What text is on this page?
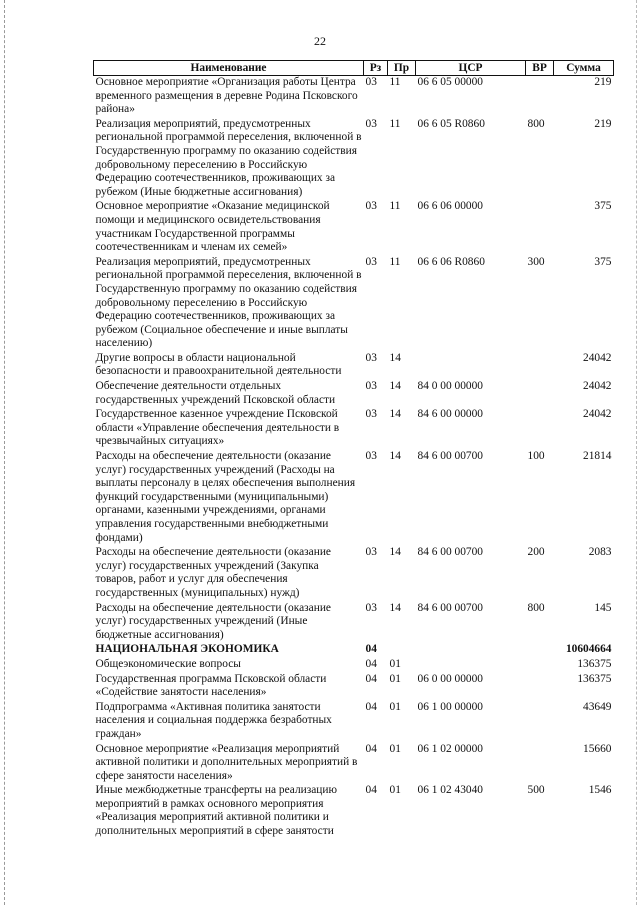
22
Наименование	Рз	Пр	ЦСР	ВР	Сумма
Основное мероприятие «Организация работы Центра временного размещения в деревне Родина Псковского района»	03	11	06 6 05 00000		219
Реализация мероприятий, предусмотренных региональной программой переселения, включенной в Государственную программу по оказанию содействия добровольному переселению в Российскую Федерацию соотечественников, проживающих за рубежом (Иные бюджетные ассигнования)	03	11	06 6 05 R0860	800	219
Основное мероприятие «Оказание медицинской помощи и медицинского освидетельствования участникам Государственной программы соотечественникам и членам их семей»	03	11	06 6 06 00000		375
Реализация мероприятий, предусмотренных региональной программой переселения, включенной в Государственную программу по оказанию содействия добровольному переселению в Российскую Федерацию соотечественников, проживающих за рубежом (Социальное обеспечение и иные выплаты населению)	03	11	06 6 06 R0860	300	375
Другие вопросы в области национальной безопасности и правоохранительной деятельности	03	14			24042
Обеспечение деятельности отдельных государственных учреждений Псковской области	03	14	84 0 00 00000		24042
Государственное казенное учреждение Псковской области «Управление обеспечения деятельности в чрезвычайных ситуациях»	03	14	84 6 00 00000		24042
Расходы на обеспечение деятельности (оказание услуг) государственных учреждений (Расходы на выплаты персоналу в целях обеспечения выполнения функций государственными (муниципальными) органами, казенными учреждениями, органами управления государственными внебюджетными фондами)	03	14	84 6 00 00700	100	21814
Расходы на обеспечение деятельности (оказание услуг) государственных учреждений (Закупка товаров, работ и услуг для обеспечения государственных (муниципальных) нужд)	03	14	84 6 00 00700	200	2083
Расходы на обеспечение деятельности (оказание услуг) государственных учреждений (Иные бюджетные ассигнования)	03	14	84 6 00 00700	800	145
НАЦИОНАЛЬНАЯ ЭКОНОМИКА	04				10604664
Общеэкономические вопросы	04	01			136375
Государственная программа Псковской области «Содействие занятости населения»	04	01	06 0 00 00000		136375
Подпрограмма «Активная политика занятости населения и социальная поддержка безработных граждан»	04	01	06 1 00 00000		43649
Основное мероприятие «Реализация мероприятий активной политики и дополнительных мероприятий в сфере занятости населения»	04	01	06 1 02 00000		15660
Иные межбюджетные трансферты на реализацию мероприятий в рамках основного мероприятия «Реализация мероприятий активной политики и дополнительных мероприятий в сфере занятости	04	01	06 1 02 43040	500	1546
